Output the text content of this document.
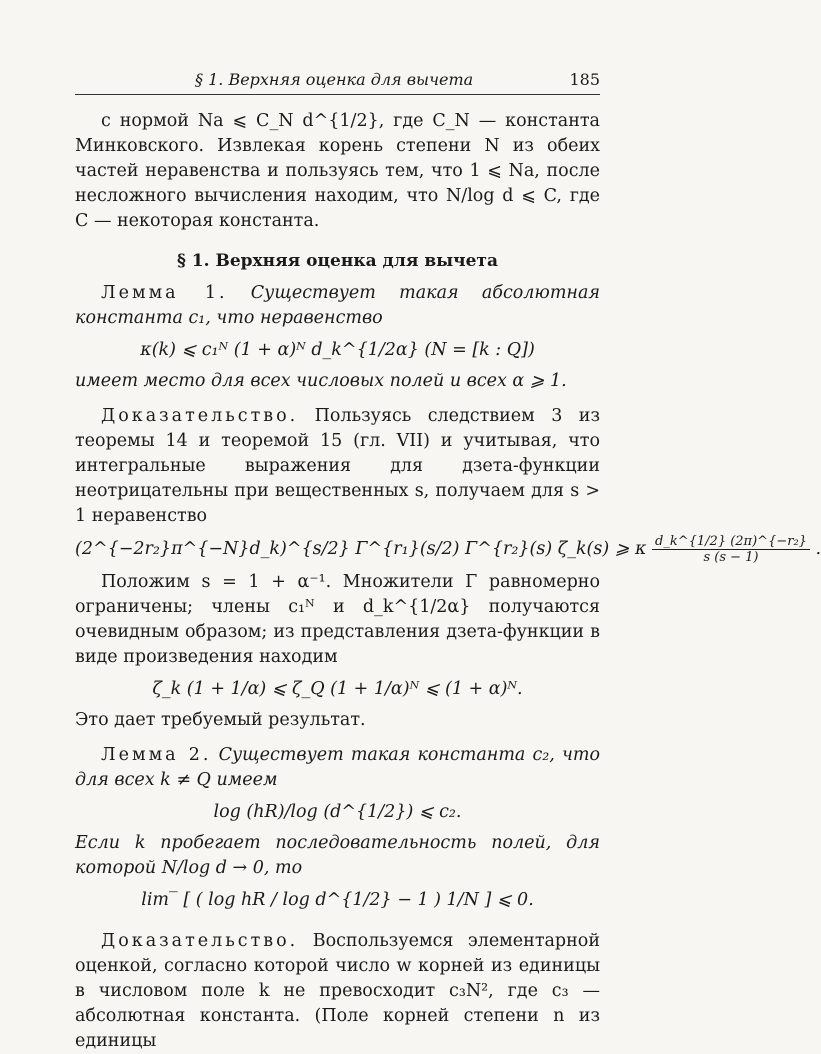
§ 1. Верхняя оценка для вычета	185

с нормой Na ⩽ C_N d^{1/2}, где C_N — константа Минковского. Извлекая корень степени N из обеих частей неравенства и пользуясь тем, что 1 ⩽ Na, после несложного вычисления находим, что N/log d ⩽ C, где C — некоторая константа.

§ 1. Верхняя оценка для вычета

Лемма 1. Существует такая абсолютная константа c₁, что неравенство

κ(k) ⩽ c₁ᴺ (1 + α)ᴺ d_k^{1/2α} (N = [k : Q])

имеет место для всех числовых полей и всех α ⩾ 1.

Доказательство. Пользуясь следствием 3 из теоремы 14 и теоремой 15 (гл. VII) и учитывая, что интегральные выражения для дзета-функции неотрицательны при вещественных s, получаем для s > 1 неравенство

(2^{−2r₂}π^{−N}d_k)^{s/2} Γ^{r₁}(s/2) Γ^{r₂}(s) ζ_k(s) ⩾ κ $\frac{\text{d\_k\textasciicircum{}\{1/2\} (2π)\textasciicircum{}\{−r₂\}}}{s (s - 1)}$ .

Положим s = 1 + α⁻¹. Множители Γ равномерно ограничены; члены c₁ᴺ и d_k^{1/2α} получаются очевидным образом; из представления дзета-функции в виде произведения находим

ζ_k (1 + 1/α) ⩽ ζ_Q (1 + 1/α)ᴺ ⩽ (1 + α)ᴺ.

Это дает требуемый результат.

Лемма 2. Существует такая константа c₂, что для всех k ≠ Q имеем

log (hR)/log (d^{1/2}) ⩽ c₂.

Если k пробегает последовательность полей, для которой N/log d → 0, то

lim‾ [ ( log hR / log d^{1/2} − 1 ) 1/N ] ⩽ 0.

Доказательство. Воспользуемся элементарной оценкой, согласно которой число w корней из единицы в числовом поле k не превосходит c₃N², где c₃ — абсолютная константа. (Поле корней степени n из единицы
